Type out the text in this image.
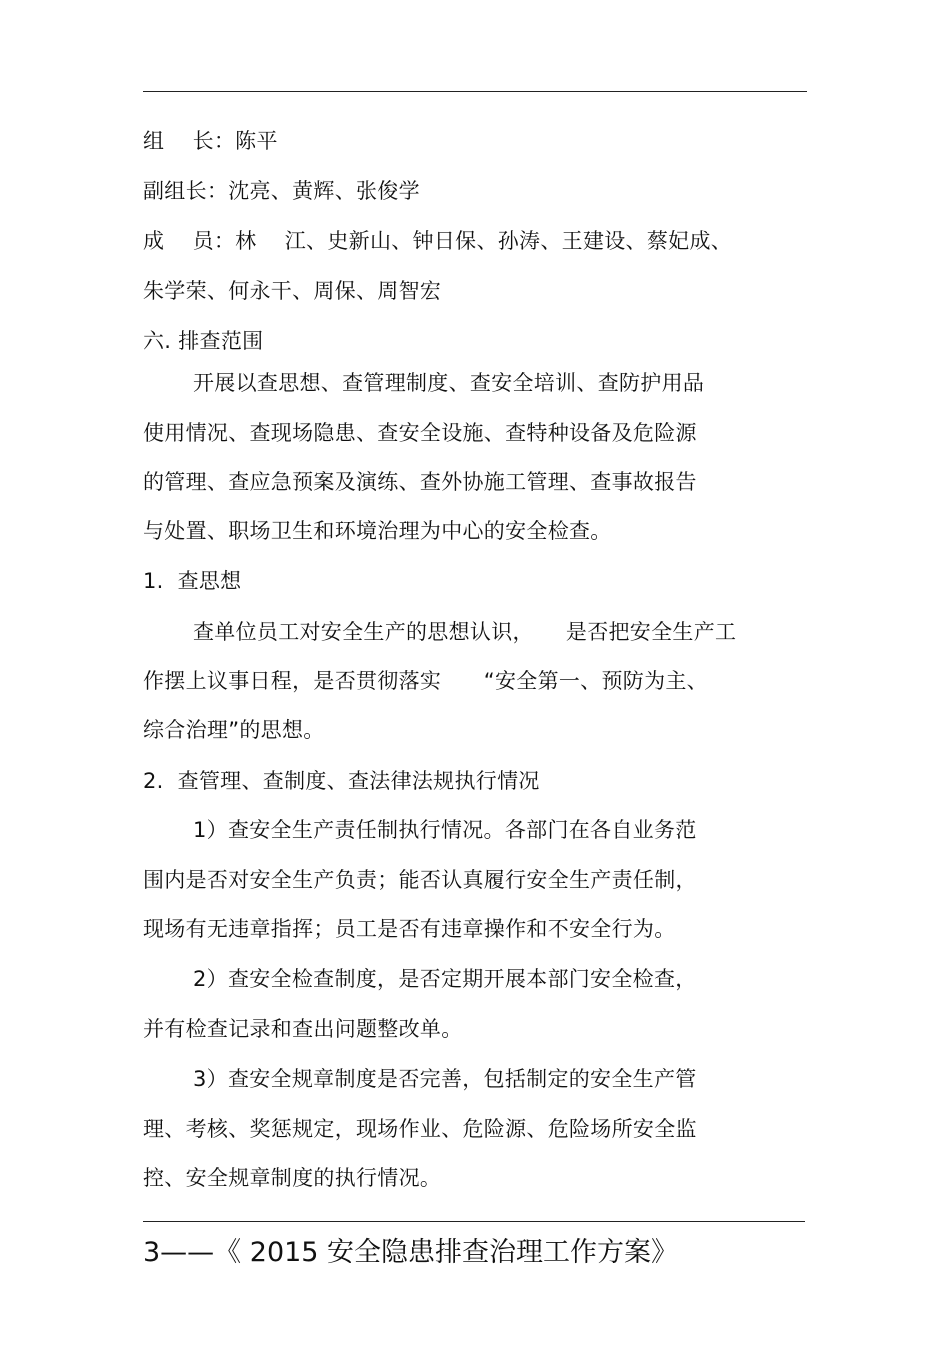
组　 长：陈平
副组长：沈亮、黄辉、张俊学
成　 员：林　 江、史新山、钟日保、孙涛、王建设、蔡妃成、
朱学荣、何永干、周保、周智宏
六. 排查范围
开展以查思想、查管理制度、查安全培训、查防护用品
使用情况、查现场隐患、查安全设施、查特种设备及危险源
的管理、查应急预案及演练、查外协施工管理、查事故报告
与处置、职场卫生和环境治理为中心的安全检查。
1.  查思想
查单位员工对安全生产的思想认识，　　是否把安全生产工
作摆上议事日程，是否贯彻落实　　“安全第一、预防为主、
综合治理”的思想。
2.  查管理、查制度、查法律法规执行情况
1）查安全生产责任制执行情况。各部门在各自业务范
围内是否对安全生产负责；能否认真履行安全生产责任制，
现场有无违章指挥；员工是否有违章操作和不安全行为。
2）查安全检查制度，是否定期开展本部门安全检查，
并有检查记录和查出问题整改单。
3）查安全规章制度是否完善，包括制定的安全生产管
理、考核、奖惩规定，现场作业、危险源、危险场所安全监
控、安全规章制度的执行情况。
3——《 2015 安全隐患排查治理工作方案》
